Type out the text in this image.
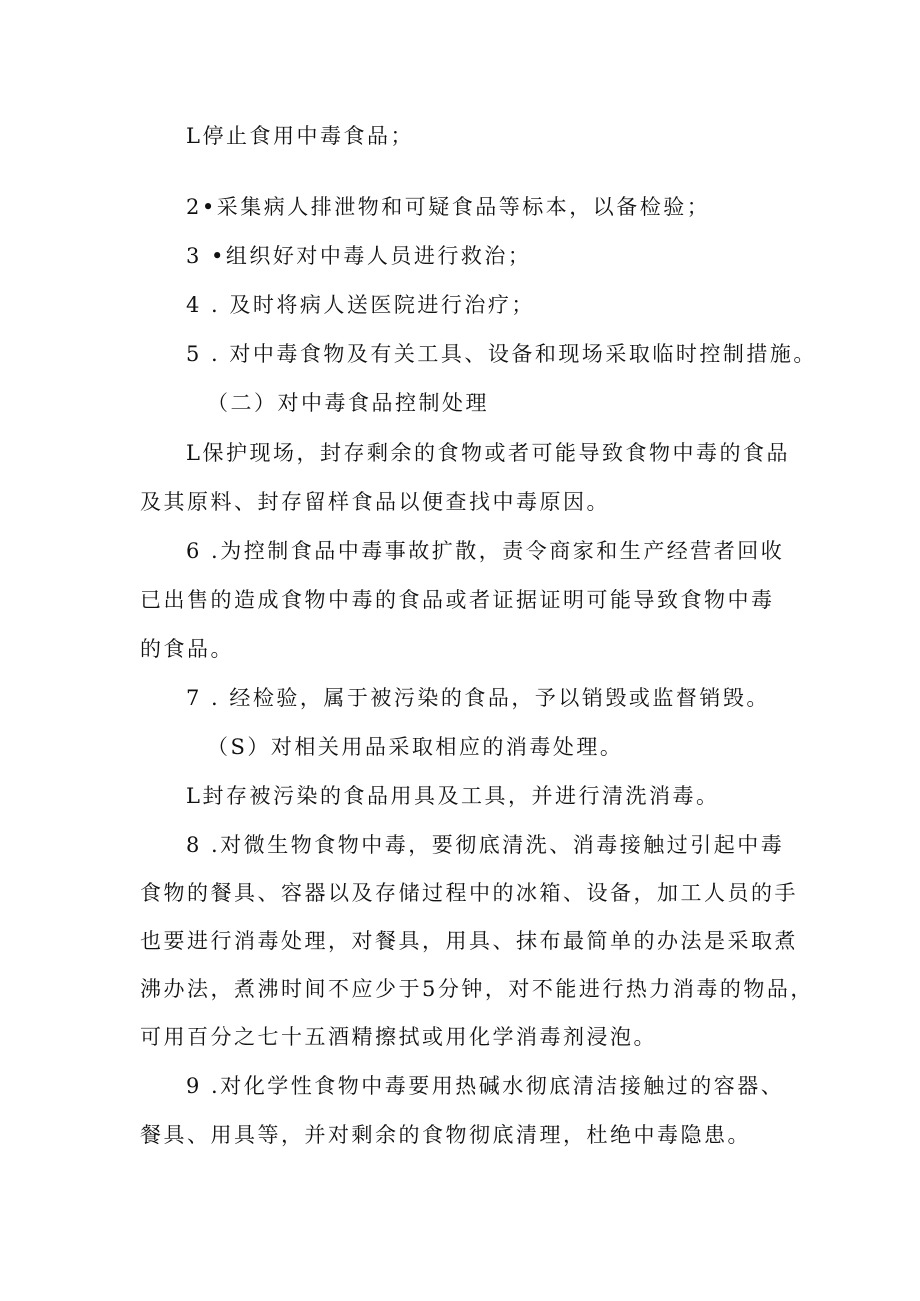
L停止食用中毒食品；
2•采集病人排泄物和可疑食品等标本，以备检验；
3 •组织好对中毒人员进行救治；
4 . 及时将病人送医院进行治疗；
5 . 对中毒食物及有关工具、设备和现场采取临时控制措施。
（二）对中毒食品控制处理
L保护现场，封存剩余的食物或者可能导致食物中毒的食品
及其原料、封存留样食品以便查找中毒原因。
6 .为控制食品中毒事故扩散，责令商家和生产经营者回收
已出售的造成食物中毒的食品或者证据证明可能导致食物中毒
的食品。
7 . 经检验，属于被污染的食品，予以销毁或监督销毁。
（S）对相关用品采取相应的消毒处理。
L封存被污染的食品用具及工具，并进行清洗消毒。
8 .对微生物食物中毒，要彻底清洗、消毒接触过引起中毒
食物的餐具、容器以及存储过程中的冰箱、设备，加工人员的手
也要进行消毒处理，对餐具，用具、抹布最简单的办法是采取煮
沸办法，煮沸时间不应少于5分钟，对不能进行热力消毒的物品，
可用百分之七十五酒精擦拭或用化学消毒剂浸泡。
9 .对化学性食物中毒要用热碱水彻底清洁接触过的容器、
餐具、用具等，并对剩余的食物彻底清理，杜绝中毒隐患。
